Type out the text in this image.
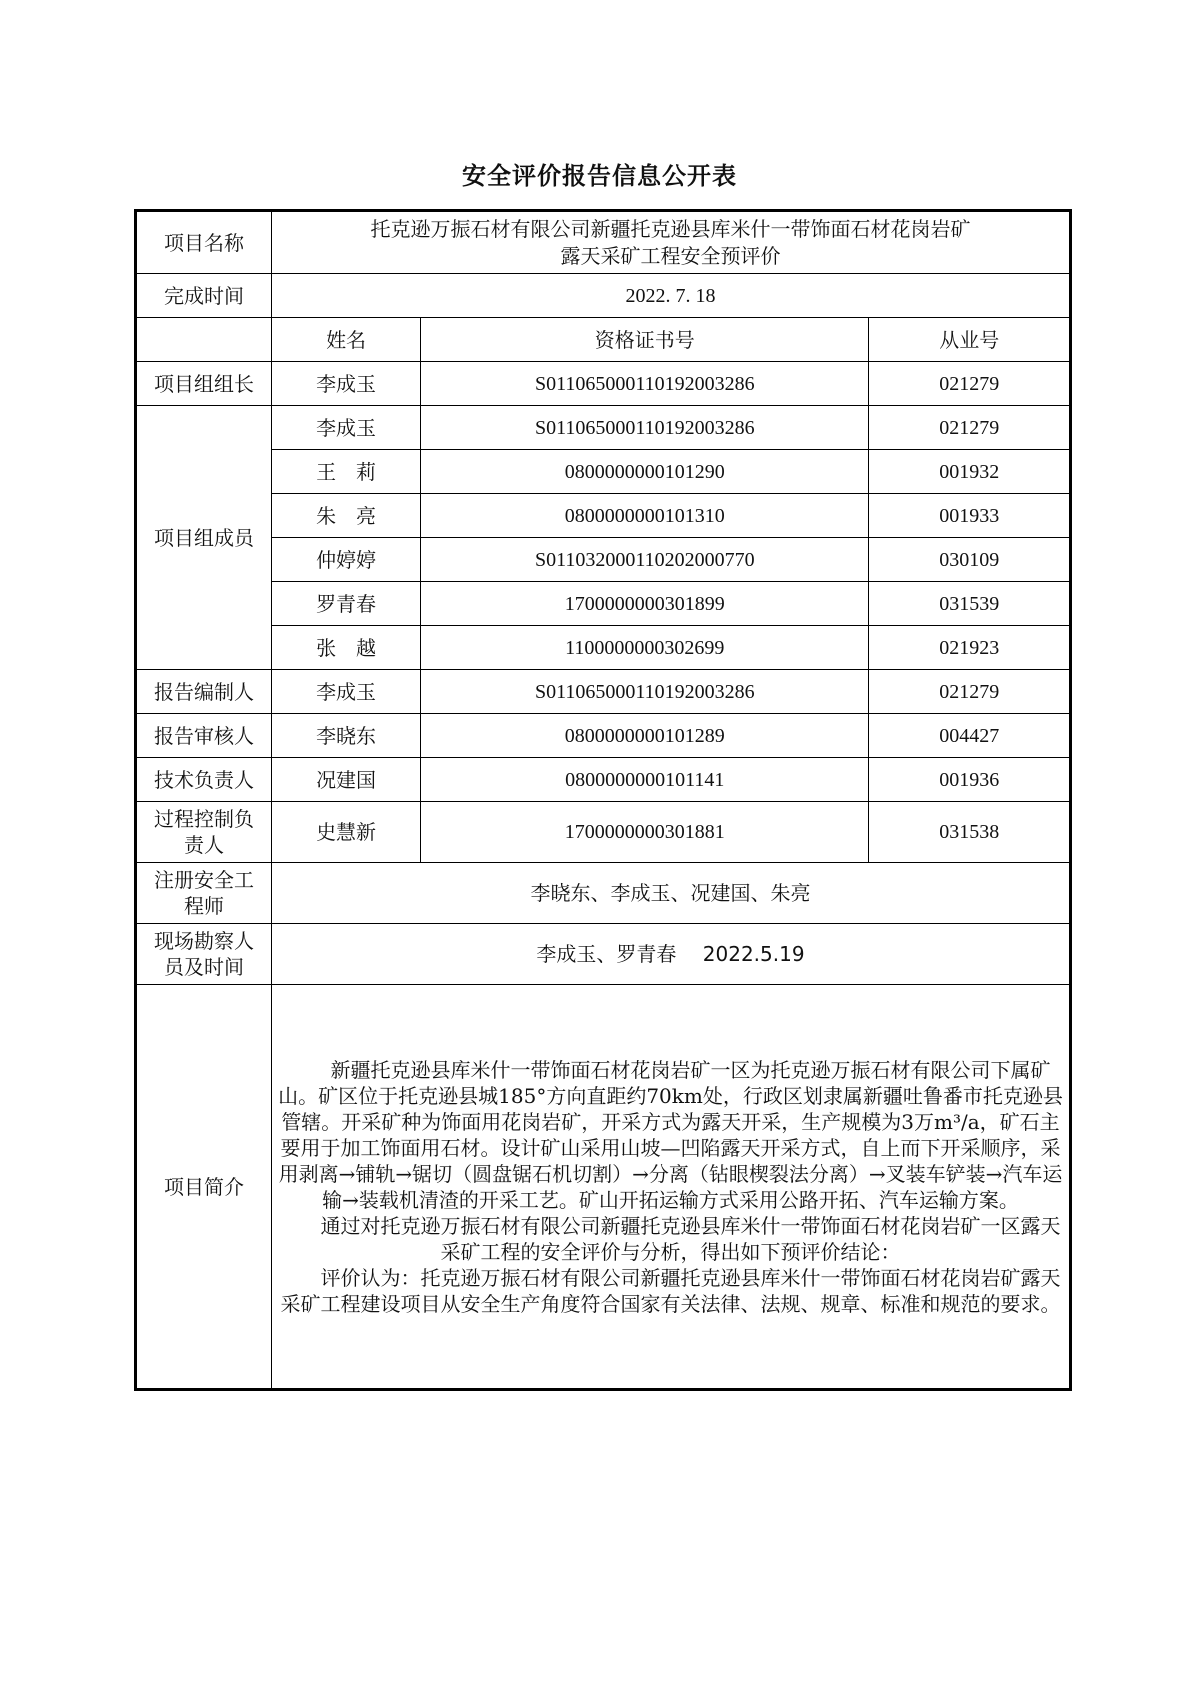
安全评价报告信息公开表
项目名称	托克逊万振石材有限公司新疆托克逊县库米什一带饰面石材花岗岩矿
露天采矿工程安全预评价		

完成时间	2022. 7. 18		
	姓名	资格证书号	从业号
项目组组长	李成玉	S011065000110192003286	021279
项目组成员	李成玉	S011065000110192003286	021279
	王　莉	0800000000101290	001932
	朱　亮	0800000000101310	001933
	仲婷婷	S011032000110202000770	030109
	罗青春	1700000000301899	031539
	张　越	1100000000302699	021923
报告编制人	李成玉	S011065000110192003286	021279
报告审核人	李晓东	0800000000101289	004427
技术负责人	况建国	0800000000101141	001936

过程控制负
责人	史慧新	1700000000301881	031538

注册安全工
程师	李晓东、李成玉、况建国、朱亮		

现场勘察人
员及时间	李成玉、罗青春　 2022.5.19		
项目简介	新疆托克逊县库米什一带饰面石材花岗岩矿一区为托克逊万振石材有限公司下属矿山。矿区位于托克逊县城185°方向直距约70km处，行政区划隶属新疆吐鲁番市托克逊县管辖。开采矿种为饰面用花岗岩矿，开采方式为露天开采，生产规模为3万m³/a，矿石主要用于加工饰面用石材。设计矿山采用山坡—凹陷露天开采方式，自上而下开采顺序，采用剥离→铺轨→锯切（圆盘锯石机切割）→分离（钻眼楔裂法分离）→叉装车铲装→汽车运输→装载机清渣的开采工艺。矿山开拓运输方式采用公路开拓、汽车运输方案。

通过对托克逊万振石材有限公司新疆托克逊县库米什一带饰面石材花岗岩矿一区露天采矿工程的安全评价与分析，得出如下预评价结论：

评价认为：托克逊万振石材有限公司新疆托克逊县库米什一带饰面石材花岗岩矿露天采矿工程建设项目从安全生产角度符合国家有关法律、法规、规章、标准和规范的要求。		
